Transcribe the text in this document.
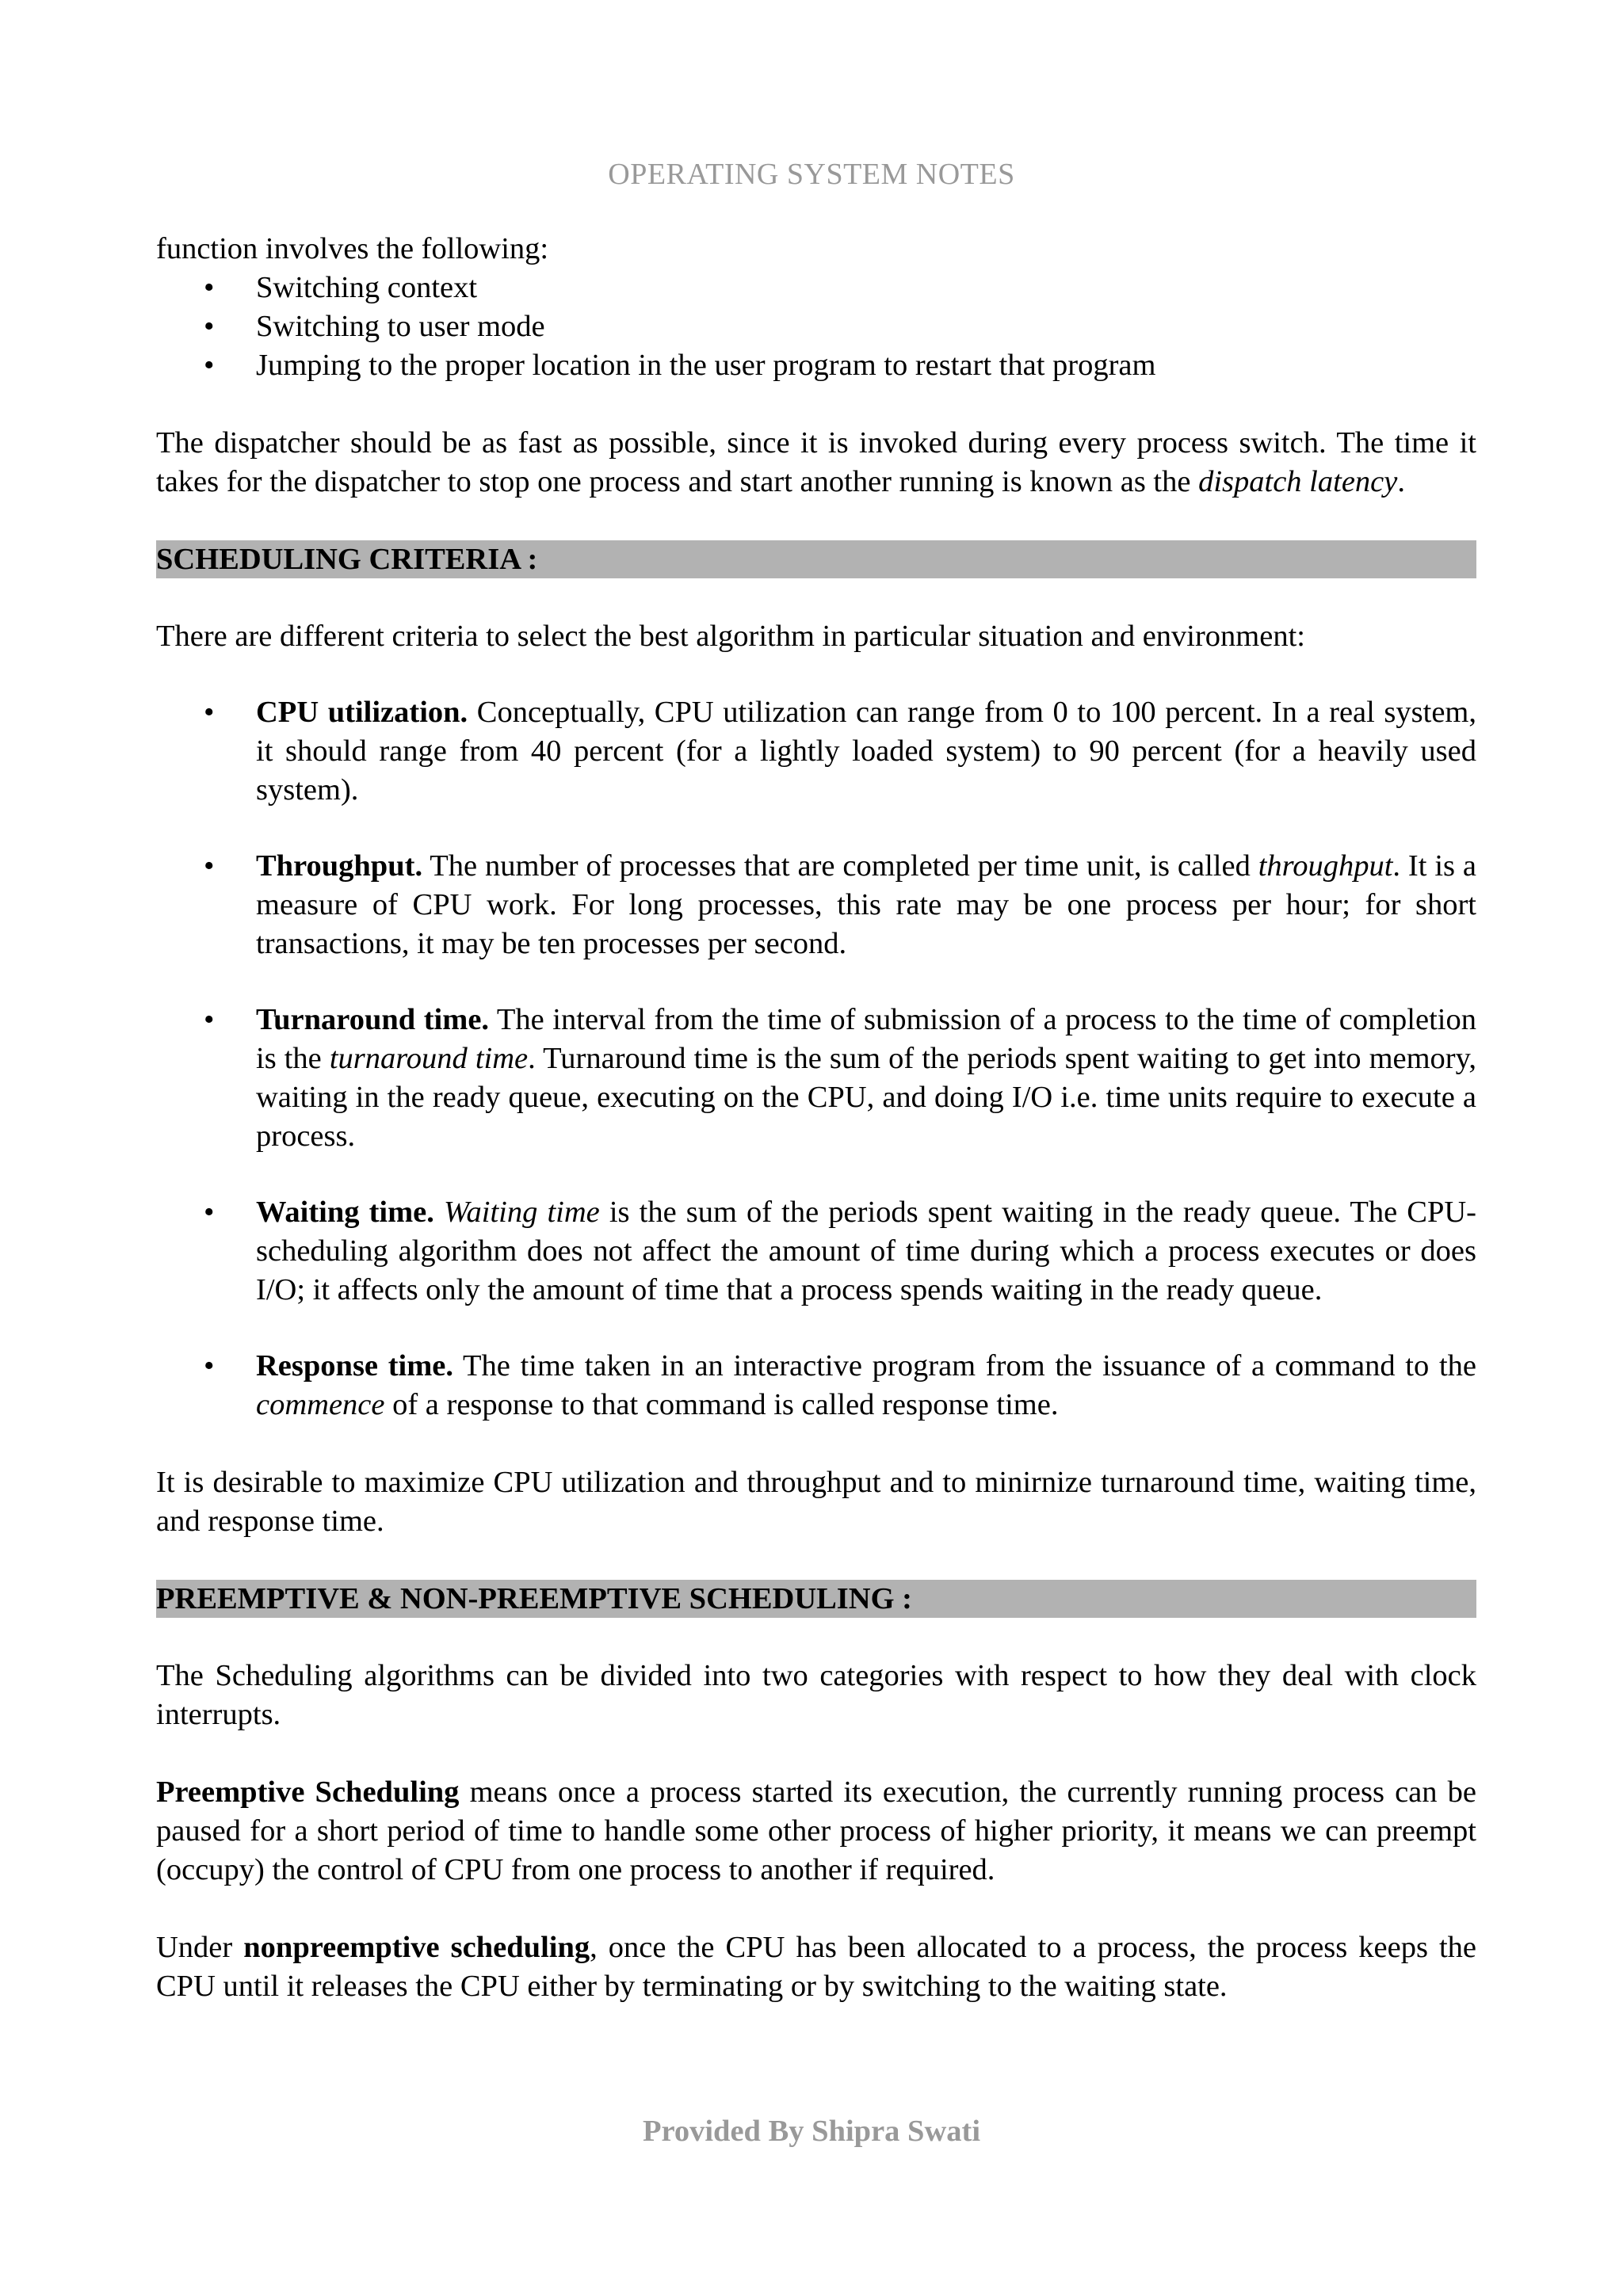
OPERATING SYSTEM NOTES

function involves the following:

• Switching context
• Switching to user mode
• Jumping to the proper location in the user program to restart that program

The dispatcher should be as fast as possible, since it is invoked during every process switch. The time it takes for the dispatcher to stop one process and start another running is known as the dispatch latency.

SCHEDULING CRITERIA :

There are different criteria to select the best algorithm in particular situation and environment:

• CPU utilization. Conceptually, CPU utilization can range from 0 to 100 percent. In a real system, it should range from 40 percent (for a lightly loaded system) to 90 percent (for a heavily used system).
• Throughput. The number of processes that are completed per time unit, is called throughput. It is a measure of CPU work. For long processes, this rate may be one process per hour; for short transactions, it may be ten processes per second.
• Turnaround time. The interval from the time of submission of a process to the time of completion is the turnaround time. Turnaround time is the sum of the periods spent waiting to get into memory, waiting in the ready queue, executing on the CPU, and doing I/O i.e. time units require to execute a process.
• Waiting time. Waiting time is the sum of the periods spent waiting in the ready queue. The CPU-scheduling algorithm does not affect the amount of time during which a process executes or does I/O; it affects only the amount of time that a process spends waiting in the ready queue.
• Response time. The time taken in an interactive program from the issuance of a command to the commence of a response to that command is called response time.

It is desirable to maximize CPU utilization and throughput and to minirnize turnaround time, waiting time, and response time.

PREEMPTIVE & NON-PREEMPTIVE SCHEDULING :

The Scheduling algorithms can be divided into two categories with respect to how they deal with clock interrupts.

Preemptive Scheduling means once a process started its execution, the currently running process can be paused for a short period of time to handle some other process of higher priority, it means we can preempt (occupy) the control of CPU from one process to another if required.

Under nonpreemptive scheduling, once the CPU has been allocated to a process, the process keeps the CPU until it releases the CPU either by terminating or by switching to the waiting state.

Provided By Shipra Swati
